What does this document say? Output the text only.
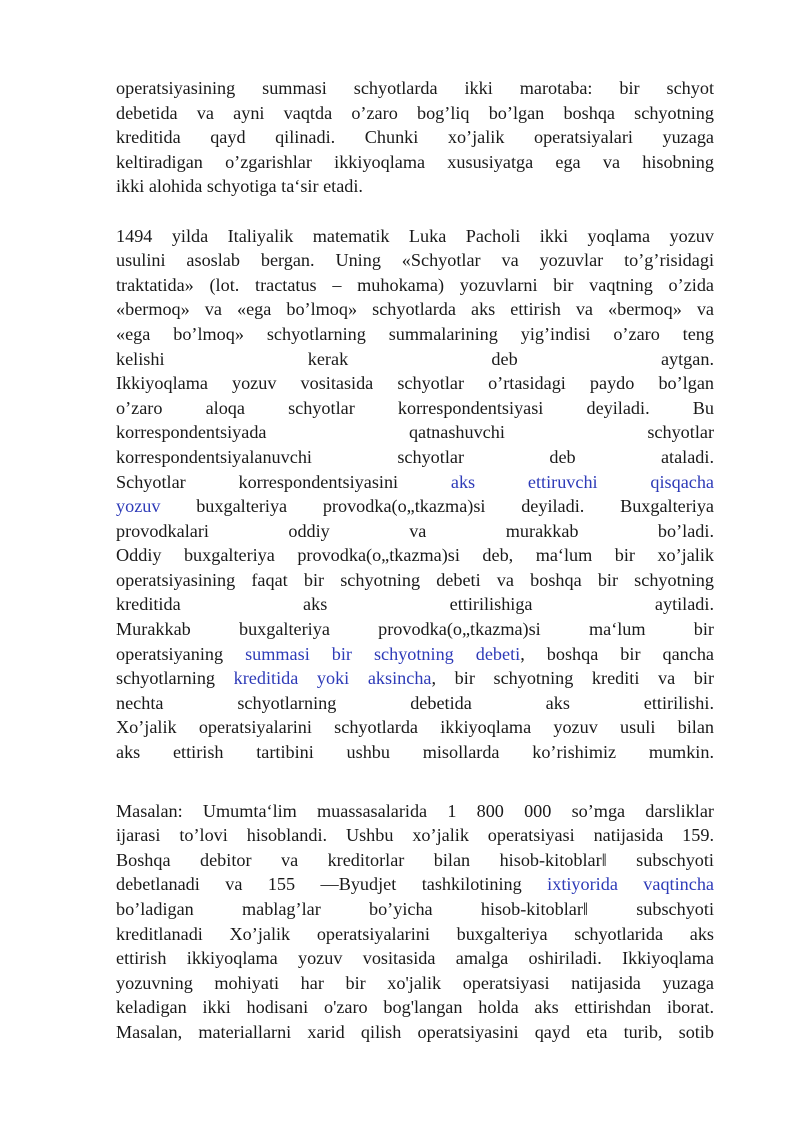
operatsiyasining summasi schyotlarda ikki marotaba: bir schyot
debetida va ayni vaqtda o’zaro bog’liq bo’lgan boshqa schyotning
kreditida qayd qilinadi. Chunki xo’jalik operatsiyalari yuzaga
keltiradigan o’zgarishlar ikkiyoqlama xususiyatga ega va hisobning
ikki alohida schyotiga ta‘sir etadi.
1494 yilda Italiyalik matematik Luka Pacholi ikki yoqlama yozuv
usulini asoslab bergan. Uning «Schyotlar va yozuvlar to’g’risidagi
traktatida» (lot. tractatus – muhokama) yozuvlarni bir vaqtning o’zida
«bermoq» va «ega bo’lmoq» schyotlarda aks ettirish va «bermoq» va
«ega bo’lmoq» schyotlarning summalarining yig’indisi o’zaro teng
kelishi kerak deb aytgan.
Ikkiyoqlama yozuv vositasida schyotlar o’rtasidagi paydo bo’lgan
o’zaro aloqa schyotlar korrespondentsiyasi deyiladi. Bu
korrespondentsiyada qatnashuvchi schyotlar
korrespondentsiyalanuvchi schyotlar deb ataladi.
Schyotlar korrespondentsiyasini	aks ettiruvchi qisqacha
yozuv buxgalteriya provodka(o„tkazma)si deyiladi. Buxgalteriya
provodkalari oddiy va murakkab bo’ladi.
Oddiy buxgalteriya provodka(o„tkazma)si deb, ma‘lum bir xo’jalik
operatsiyasining faqat bir schyotning debeti va boshqa bir schyotning
kreditida aks ettirilishiga aytiladi.
Murakkab buxgalteriya provodka(o„tkazma)si ma‘lum bir
operatsiyaning summasi bir schyotning debeti, boshqa bir qancha
schyotlarning kreditida yoki aksincha, bir schyotning krediti va bir
nechta schyotlarning debetida aks ettirilishi.
Xo’jalik operatsiyalarini schyotlarda ikkiyoqlama yozuv usuli bilan
aks ettirish tartibini ushbu misollarda ko’rishimiz mumkin.
Masalan: Umumta‘lim muassasalarida 1 800 000 so’mga darsliklar
ijarasi to’lovi hisoblandi. Ushbu xo’jalik operatsiyasi natijasida 159.
Boshqa debitor va kreditorlar bilan hisob-kitoblar‖ subschyoti
debetlanadi va 155 —Byudjet tashkilotining ixtiyorida vaqtincha
bo’ladigan mablag’lar bo’yicha hisob-kitoblar‖ subschyoti
kreditlanadi Xo’jalik operatsiyalarini buxgalteriya schyotlarida aks
ettirish ikkiyoqlama yozuv vositasida amalga oshiriladi. Ikkiyoqlama
yozuvning mohiyati har bir xo'jalik operatsiyasi natijasida yuzaga
keladigan ikki hodisani o'zaro bog'langan holda aks ettirishdan iborat.
Masalan, materiallarni xarid qilish operatsiyasini qayd eta turib, sotib
